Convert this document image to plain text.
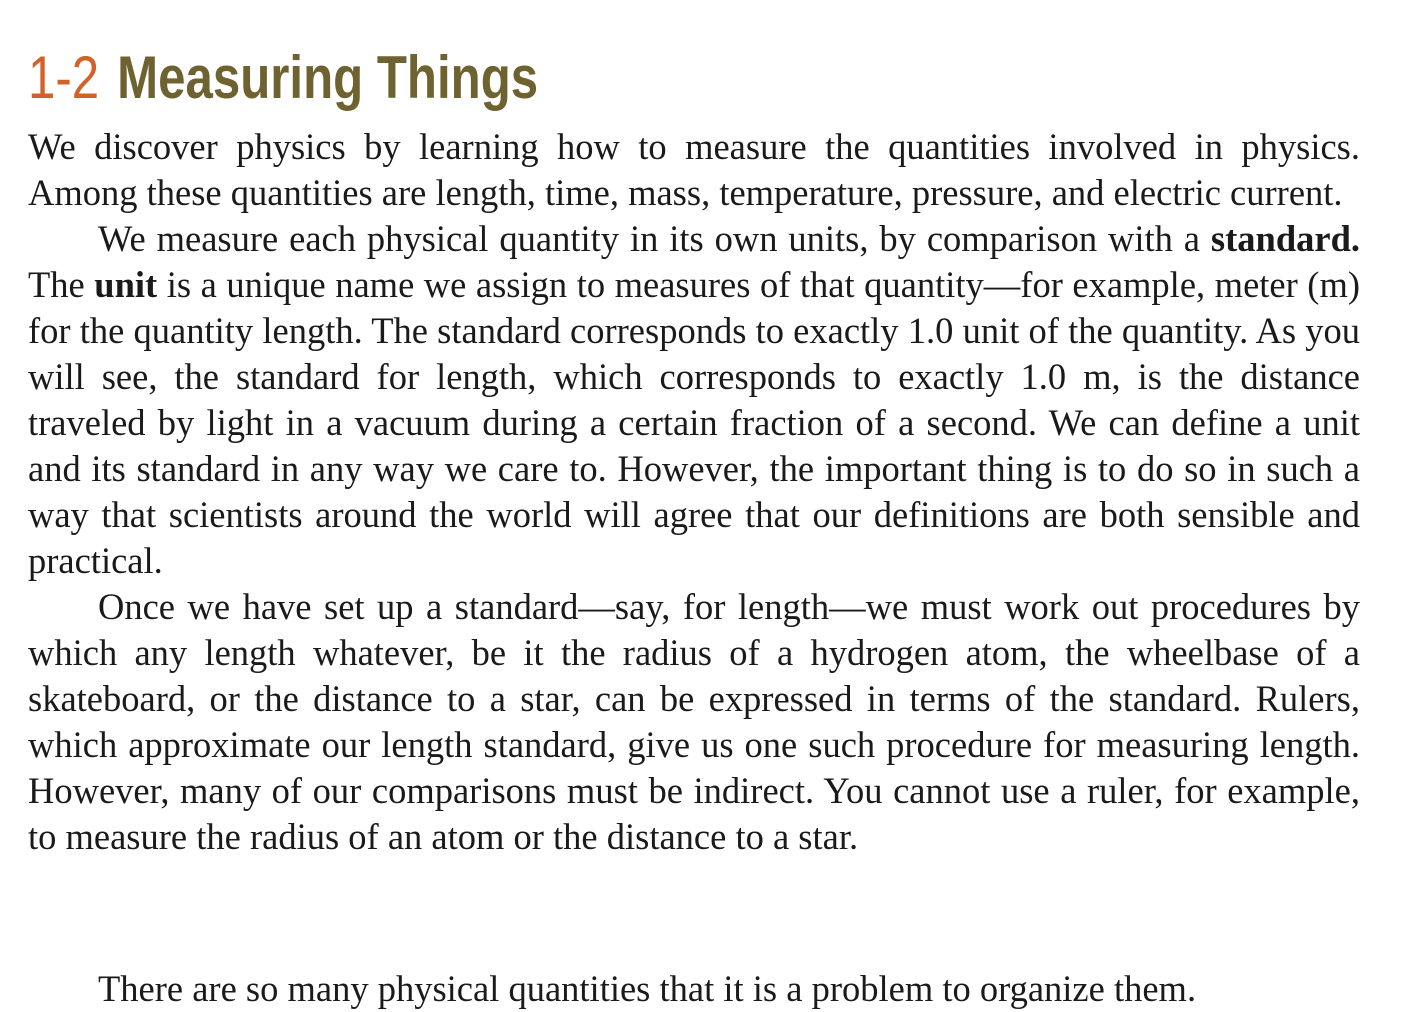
1-2 Measuring Things

We discover physics by learning how to measure the quantities involved in physics. Among these quantities are length, time, mass, temperature, pressure, and electric current.

We measure each physical quantity in its own units, by comparison with a standard. The unit is a unique name we assign to measures of that quantity—for example, meter (m) for the quantity length. The standard corresponds to exactly 1.0 unit of the quantity. As you will see, the standard for length, which corresponds to exactly 1.0 m, is the distance traveled by light in a vacuum during a certain fraction of a second. We can define a unit and its standard in any way we care to. However, the important thing is to do so in such a way that scientists around the world will agree that our definitions are both sensible and practical.

Once we have set up a standard—say, for length—we must work out procedures by which any length whatever, be it the radius of a hydrogen atom, the wheelbase of a skateboard, or the distance to a star, can be expressed in terms of the standard. Rulers, which approximate our length standard, give us one such procedure for measuring length. However, many of our comparisons must be indirect. You cannot use a ruler, for example, to measure the radius of an atom or the distance to a star.

There are so many physical quantities that it is a problem to organize them.
